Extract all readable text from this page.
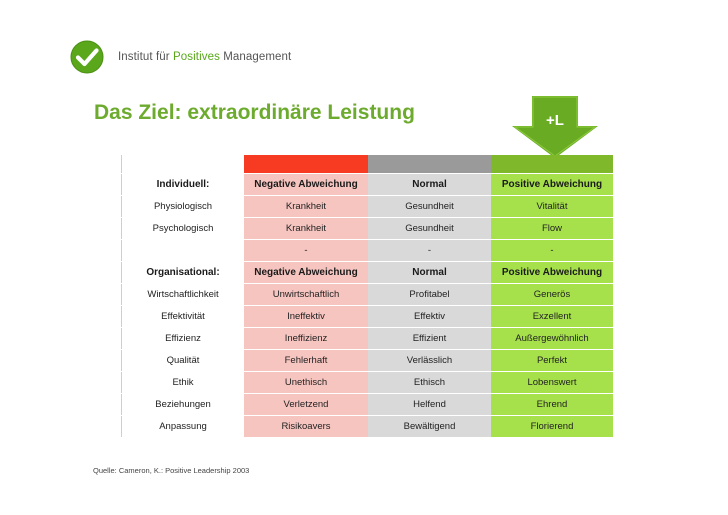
Institut für Positives Management
Das Ziel: extraordinäre Leistung	+L

Individuell:	Negative Abweichung	Normal	Positive Abweichung
Physiologisch	Krankheit	Gesundheit	Vitalität
Psychologisch	Krankheit	Gesundheit	Flow
	-	-	-
Organisational:	Negative Abweichung	Normal	Positive Abweichung
Wirtschaftlichkeit	Unwirtschaftlich	Profitabel	Generös
Effektivität	Ineffektiv	Effektiv	Exzellent
Effizienz	Ineffizienz	Effizient	Außergewöhnlich
Qualität	Fehlerhaft	Verlässlich	Perfekt
Ethik	Unethisch	Ethisch	Lobenswert
Beziehungen	Verletzend	Helfend	Ehrend
Anpassung	Risikoavers	Bewältigend	Florierend
Quelle: Cameron, K.: Positive Leadership 2003
